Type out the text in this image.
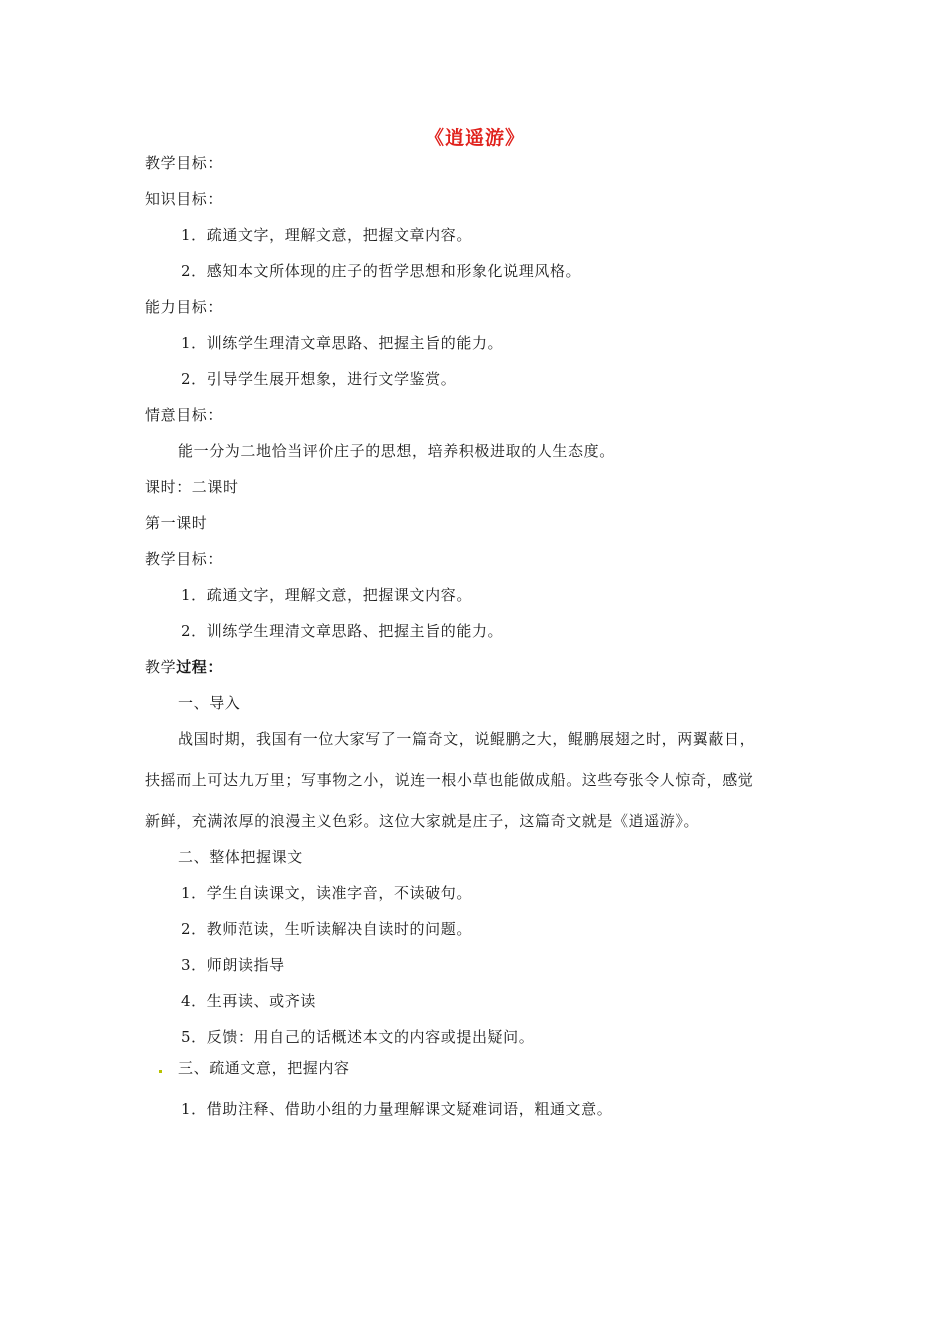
《逍遥游》
教学目标：
知识目标：
1．疏通文字，理解文意，把握文章内容。
2．感知本文所体现的庄子的哲学思想和形象化说理风格。
能力目标：
1．训练学生理清文章思路、把握主旨的能力。
2．引导学生展开想象，进行文学鉴赏。
情意目标：
能一分为二地恰当评价庄子的思想，培养积极进取的人生态度。
课时：二课时
第一课时
教学目标：
1．疏通文字，理解文意，把握课文内容。
2．训练学生理清文章思路、把握主旨的能力。
教学过程：
一、导入
战国时期，我国有一位大家写了一篇奇文，说鲲鹏之大，鲲鹏展翅之时，两翼蔽日，
扶摇而上可达九万里；写事物之小，说连一根小草也能做成船。这些夸张令人惊奇，感觉
新鲜，充满浓厚的浪漫主义色彩。这位大家就是庄子，这篇奇文就是《逍遥游》。
二、整体把握课文
1．学生自读课文，读准字音，不读破句。
2．教师范读，生听读解决自读时的问题。
3．师朗读指导
4．生再读、或齐读
5．反馈：用自己的话概述本文的内容或提出疑问。
三、疏通文意，把握内容
1．借助注释、借助小组的力量理解课文疑难词语，粗通文意。
